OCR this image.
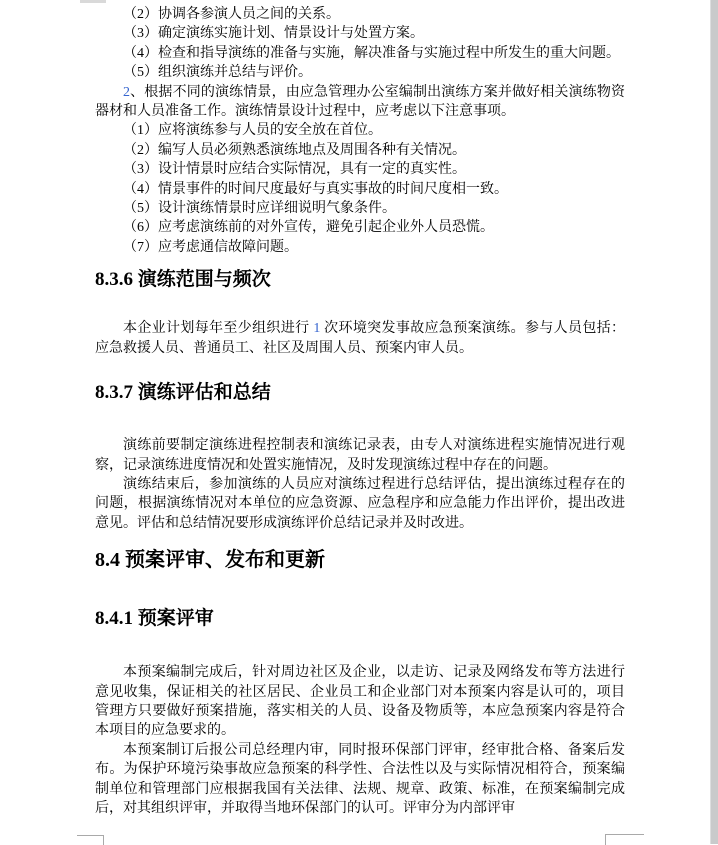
（2）协调各参演人员之间的关系。
（3）确定演练实施计划、情景设计与处置方案。
（4）检查和指导演练的准备与实施，解决准备与实施过程中所发生的重大问题。
（5）组织演练并总结与评价。
2、根据不同的演练情景，由应急管理办公室编制出演练方案并做好相关演练物资器材和人员准备工作。演练情景设计过程中，应考虑以下注意事项。
（1）应将演练参与人员的安全放在首位。
（2）编写人员必须熟悉演练地点及周围各种有关情况。
（3）设计情景时应结合实际情况，具有一定的真实性。
（4）情景事件的时间尺度最好与真实事故的时间尺度相一致。
（5）设计演练情景时应详细说明气象条件。
（6）应考虑演练前的对外宣传，避免引起企业外人员恐慌。
（7）应考虑通信故障问题。
8.3.6 演练范围与频次
本企业计划每年至少组织进行 1 次环境突发事故应急预案演练。参与人员包括：应急救援人员、普通员工、社区及周围人员、预案内审人员。
8.3.7 演练评估和总结
演练前要制定演练进程控制表和演练记录表，由专人对演练进程实施情况进行观察，记录演练进度情况和处置实施情况，及时发现演练过程中存在的问题。
演练结束后，参加演练的人员应对演练过程进行总结评估，提出演练过程存在的问题，根据演练情况对本单位的应急资源、应急程序和应急能力作出评价，提出改进意见。评估和总结情况要形成演练评价总结记录并及时改进。
8.4 预案评审、发布和更新
8.4.1 预案评审
本预案编制完成后，针对周边社区及企业，以走访、记录及网络发布等方法进行意见收集，保证相关的社区居民、企业员工和企业部门对本预案内容是认可的，项目管理方只要做好预案措施，落实相关的人员、设备及物质等，本应急预案内容是符合本项目的应急要求的。
本预案制订后报公司总经理内审，同时报环保部门评审，经审批合格、备案后发布。为保护环境污染事故应急预案的科学性、合法性以及与实际情况相符合，预案编制单位和管理部门应根据我国有关法律、法规、规章、政策、标准，在预案编制完成后，对其组织评审，并取得当地环保部门的认可。评审分为内部评审
